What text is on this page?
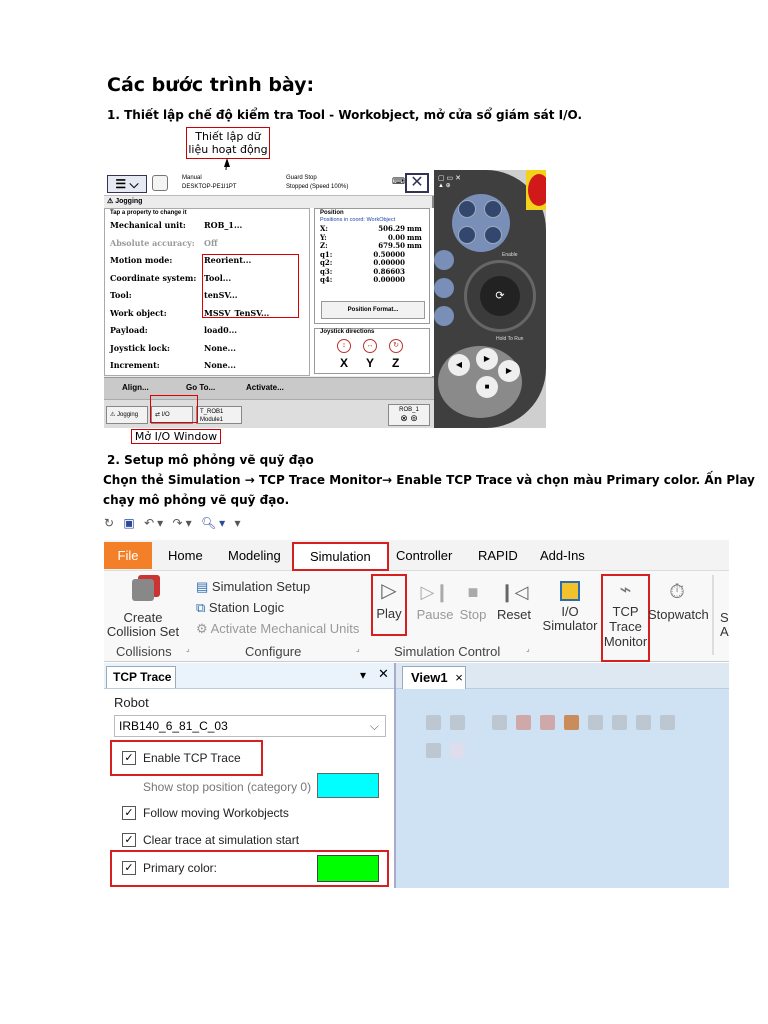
Các bước trình bày:
1. Thiết lập chế độ kiểm tra Tool - Workobject, mở cửa sổ giám sát I/O.
Thiết lập dữ
liệu hoạt động
☰ ⌵	Manual
DESKTOP-PE1I1PT
Guard Stop
Stopped (Speed 100%)
⌨ ✕
⚠ Jogging
Tap a property to change it
Mechanical unit: ROB_1...
Absolute accuracy: Off
Motion mode:	Reorient...
Coordinate system: Tool...
Tool:	tenSV...
Work object:	MSSV_TenSV...
Payload:	load0...
Joystick lock:	None...
Increment:	None...
Position
Positions in coord: WorkObject
X:	506.29 mm
Y:	0.00 mm
Z:	679.50 mm
q1:	0.50000
q2:	0.00000
q3:	0.86603
q4:	0.00000
Position Format...
Joystick directions
↕	↔	↻
X Y Z
Align...	Go To...	Activate...
⚠ Jogging	⇄ I/O	T_ROB1
Module1
ROB_1
⊗ ⊚
▢ ▭ ✕
▲ ⊕
Enable
⟳
Hold To Run
◀
▶
■
▶
Mở I/O Window
2. Setup mô phỏng vẽ quỹ đạo
Chọn thẻ Simulation → TCP Trace Monitor→ Enable TCP Trace và chọn màu Primary color. Ấn Play
chạy mô phỏng vẽ quỹ đạo.
↻ ▣ ↶▾ ↷▾ 🔍︎▾ ▾
File	Home Modeling	Simulation	Controller RAPID Add-Ins
Create
Collision Set
Collisions ⌟
▤ Simulation Setup
⧉ Station Logic
⚙ Activate Mechanical Units
Configure	⌟
▷
Play
▷❙
Pause
■
Stop
❙◁
Reset
Simulation Control	⌟
I/O
Simulator
⌁
TCP
Trace
Monitor
⏱
Stopwatch S
A
TCP Trace	▾ ✕
Robot
IRB140_6_81_C_03	⌵
✓ Enable TCP Trace
Show stop position (category 0)
✓ Follow moving Workobjects
✓ Clear trace at simulation start
✓ Primary color:
View1 ×
